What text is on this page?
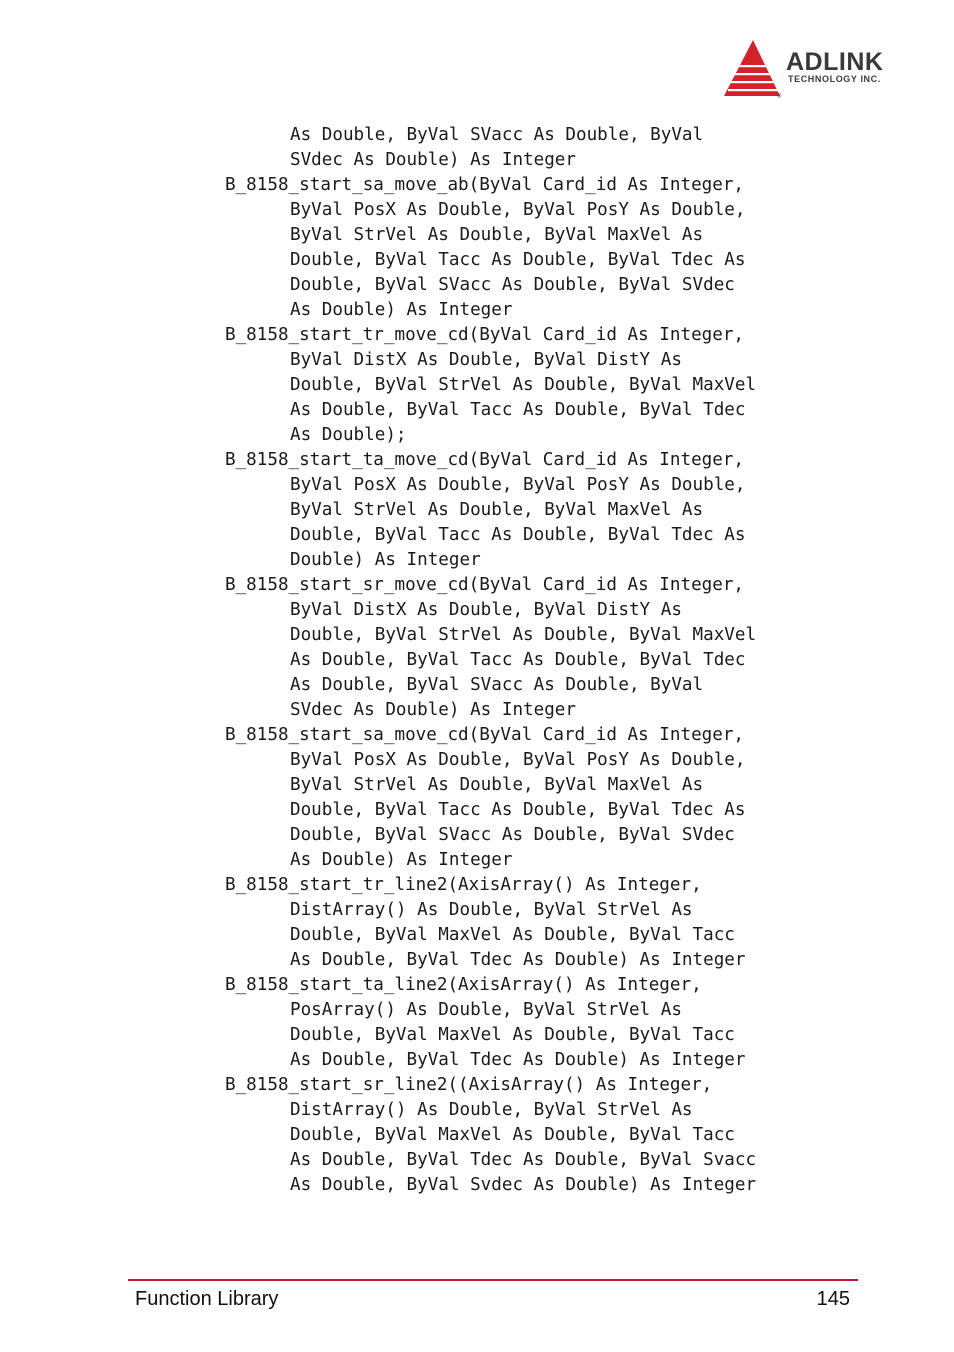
®
ADLINK
TECHNOLOGY INC.
As Double, ByVal SVacc As Double, ByVal
SVdec As Double) As Integer
B_8158_start_sa_move_ab(ByVal Card_id As Integer,
ByVal PosX As Double, ByVal PosY As Double,
ByVal StrVel As Double, ByVal MaxVel As
Double, ByVal Tacc As Double, ByVal Tdec As
Double, ByVal SVacc As Double, ByVal SVdec
As Double) As Integer
B_8158_start_tr_move_cd(ByVal Card_id As Integer,
ByVal DistX As Double, ByVal DistY As
Double, ByVal StrVel As Double, ByVal MaxVel
As Double, ByVal Tacc As Double, ByVal Tdec
As Double);
B_8158_start_ta_move_cd(ByVal Card_id As Integer,
ByVal PosX As Double, ByVal PosY As Double,
ByVal StrVel As Double, ByVal MaxVel As
Double, ByVal Tacc As Double, ByVal Tdec As
Double) As Integer
B_8158_start_sr_move_cd(ByVal Card_id As Integer,
ByVal DistX As Double, ByVal DistY As
Double, ByVal StrVel As Double, ByVal MaxVel
As Double, ByVal Tacc As Double, ByVal Tdec
As Double, ByVal SVacc As Double, ByVal
SVdec As Double) As Integer
B_8158_start_sa_move_cd(ByVal Card_id As Integer,
ByVal PosX As Double, ByVal PosY As Double,
ByVal StrVel As Double, ByVal MaxVel As
Double, ByVal Tacc As Double, ByVal Tdec As
Double, ByVal SVacc As Double, ByVal SVdec
As Double) As Integer
B_8158_start_tr_line2(AxisArray() As Integer,
DistArray() As Double, ByVal StrVel As
Double, ByVal MaxVel As Double, ByVal Tacc
As Double, ByVal Tdec As Double) As Integer
B_8158_start_ta_line2(AxisArray() As Integer,
PosArray() As Double, ByVal StrVel As
Double, ByVal MaxVel As Double, ByVal Tacc
As Double, ByVal Tdec As Double) As Integer
B_8158_start_sr_line2((AxisArray() As Integer,
DistArray() As Double, ByVal StrVel As
Double, ByVal MaxVel As Double, ByVal Tacc
As Double, ByVal Tdec As Double, ByVal Svacc
As Double, ByVal Svdec As Double) As Integer
Function Library	145
